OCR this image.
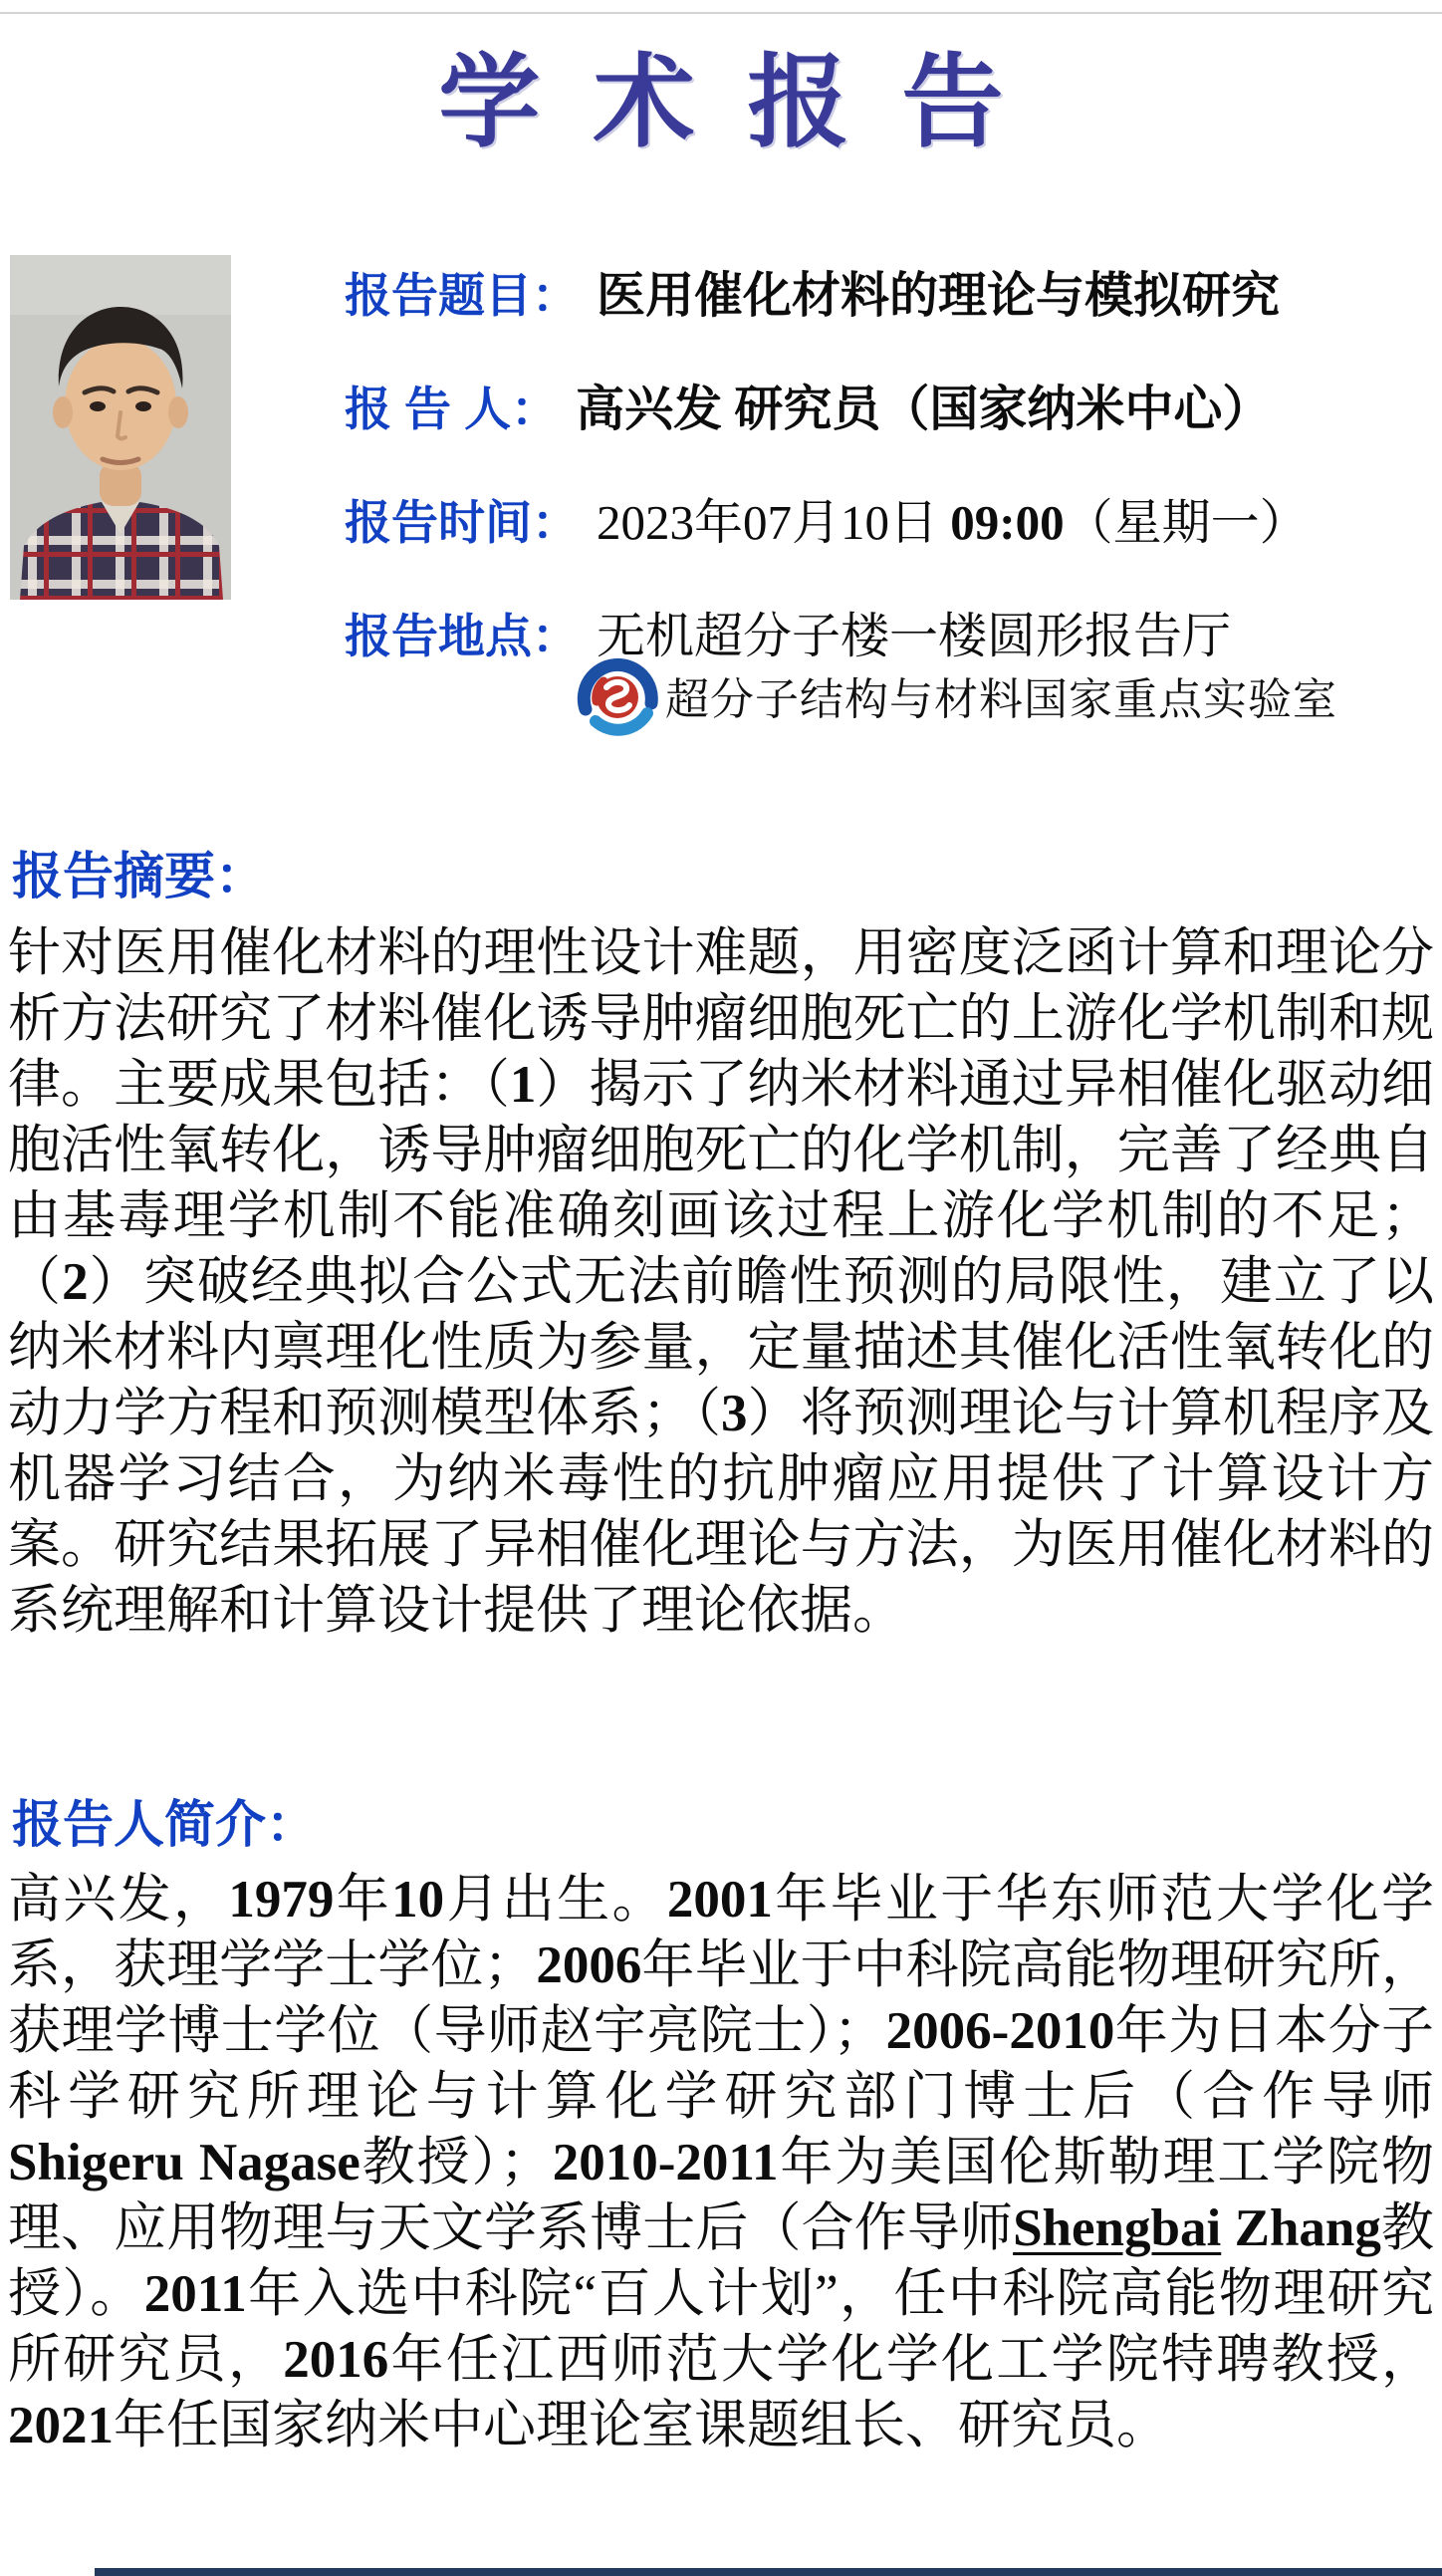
学术报告
报告题目： 医用催化材料的理论与模拟研究
报 告 人： 高兴发 研究员（国家纳米中心）
报告时间： 2023年07月10日 09:00（星期一）
报告地点： 无机超分子楼一楼圆形报告厅
超分子结构与材料国家重点实验室
报告摘要：

针对医用催化材料的理性设计难题，用密度泛函计算和理论分析方法研究了材料催化诱导肿瘤细胞死亡的上游化学机制和规律。主要成果包括：（1）揭示了纳米材料通过异相催化驱动细胞活性氧转化，诱导肿瘤细胞死亡的化学机制，完善了经典自由基毒理学机制不能准确刻画该过程上游化学机制的不足；（2）突破经典拟合公式无法前瞻性预测的局限性，建立了以纳米材料内禀理化性质为参量，定量描述其催化活性氧转化的动力学方程和预测模型体系；（3）将预测理论与计算机程序及机器学习结合，为纳米毒性的抗肿瘤应用提供了计算设计方案。研究结果拓展了异相催化理论与方法，为医用催化材料的系统理解和计算设计提供了理论依据。

报告人简介：

高兴发，1979年10月出生。2001年毕业于华东师范大学化学系，获理学学士学位；2006年毕业于中科院高能物理研究所，获理学博士学位（导师赵宇亮院士）；2006-2010年为日本分子科学研究所理论与计算化学研究部门博士后（合作导师Shigeru Nagase教授）；2010-2011年为美国伦斯勒理工学院物理、应用物理与天文学系博士后（合作导师Shengbai Zhang教授）。2011年入选中科院“百人计划”，任中科院高能物理研究所研究员，2016年任江西师范大学化学化工学院特聘教授，2021年任国家纳米中心理论室课题组长、研究员。
